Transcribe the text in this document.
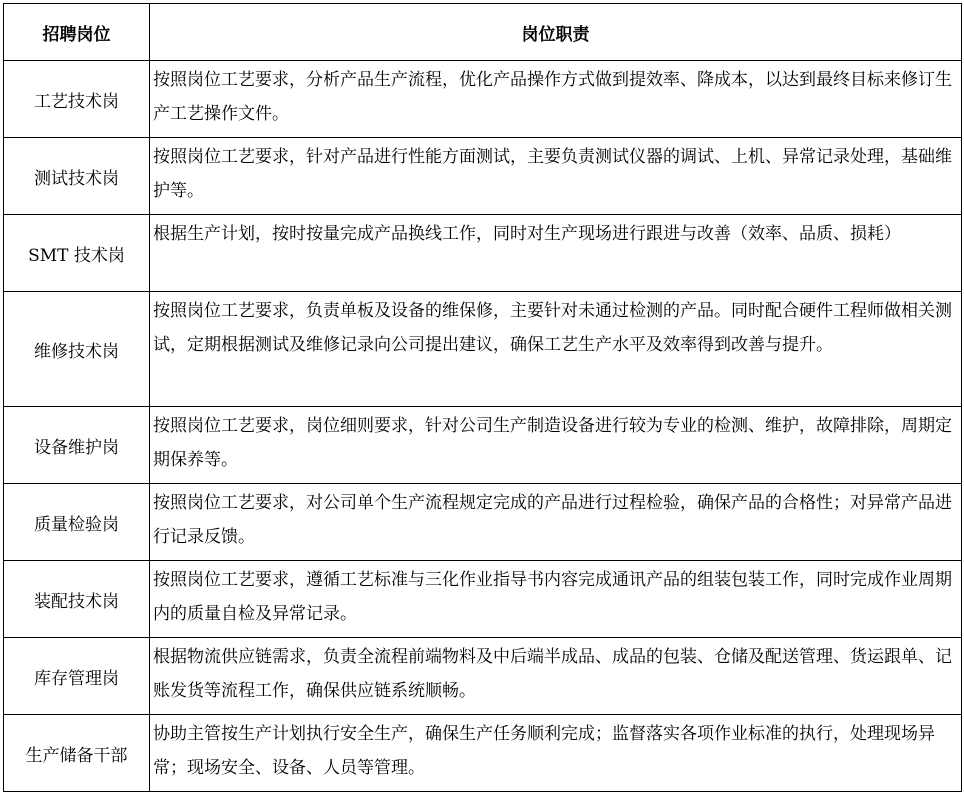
招聘岗位	岗位职责
工艺技术岗	按照岗位工艺要求，分析产品生产流程，优化产品操作方式做到提效率、降成本，以达到最终目标来修订生产工艺操作文件。
测试技术岗	按照岗位工艺要求，针对产品进行性能方面测试，主要负责测试仪器的调试、上机、异常记录处理，基础维护等。
SMT 技术岗	根据生产计划，按时按量完成产品换线工作，同时对生产现场进行跟进与改善（效率、品质、损耗）
维修技术岗	按照岗位工艺要求，负责单板及设备的维保修，主要针对未通过检测的产品。同时配合硬件工程师做相关测试，定期根据测试及维修记录向公司提出建议，确保工艺生产水平及效率得到改善与提升。
设备维护岗	按照岗位工艺要求，岗位细则要求，针对公司生产制造设备进行较为专业的检测、维护，故障排除，周期定期保养等。
质量检验岗	按照岗位工艺要求，对公司单个生产流程规定完成的产品进行过程检验，确保产品的合格性；对异常产品进行记录反馈。
装配技术岗	按照岗位工艺要求，遵循工艺标准与三化作业指导书内容完成通讯产品的组装包装工作，同时完成作业周期内的质量自检及异常记录。
库存管理岗	根据物流供应链需求，负责全流程前端物料及中后端半成品、成品的包装、仓储及配送管理、货运跟单、记账发货等流程工作，确保供应链系统顺畅。
生产储备干部	协助主管按生产计划执行安全生产，确保生产任务顺利完成；监督落实各项作业标准的执行，处理现场异常；现场安全、设备、人员等管理。
